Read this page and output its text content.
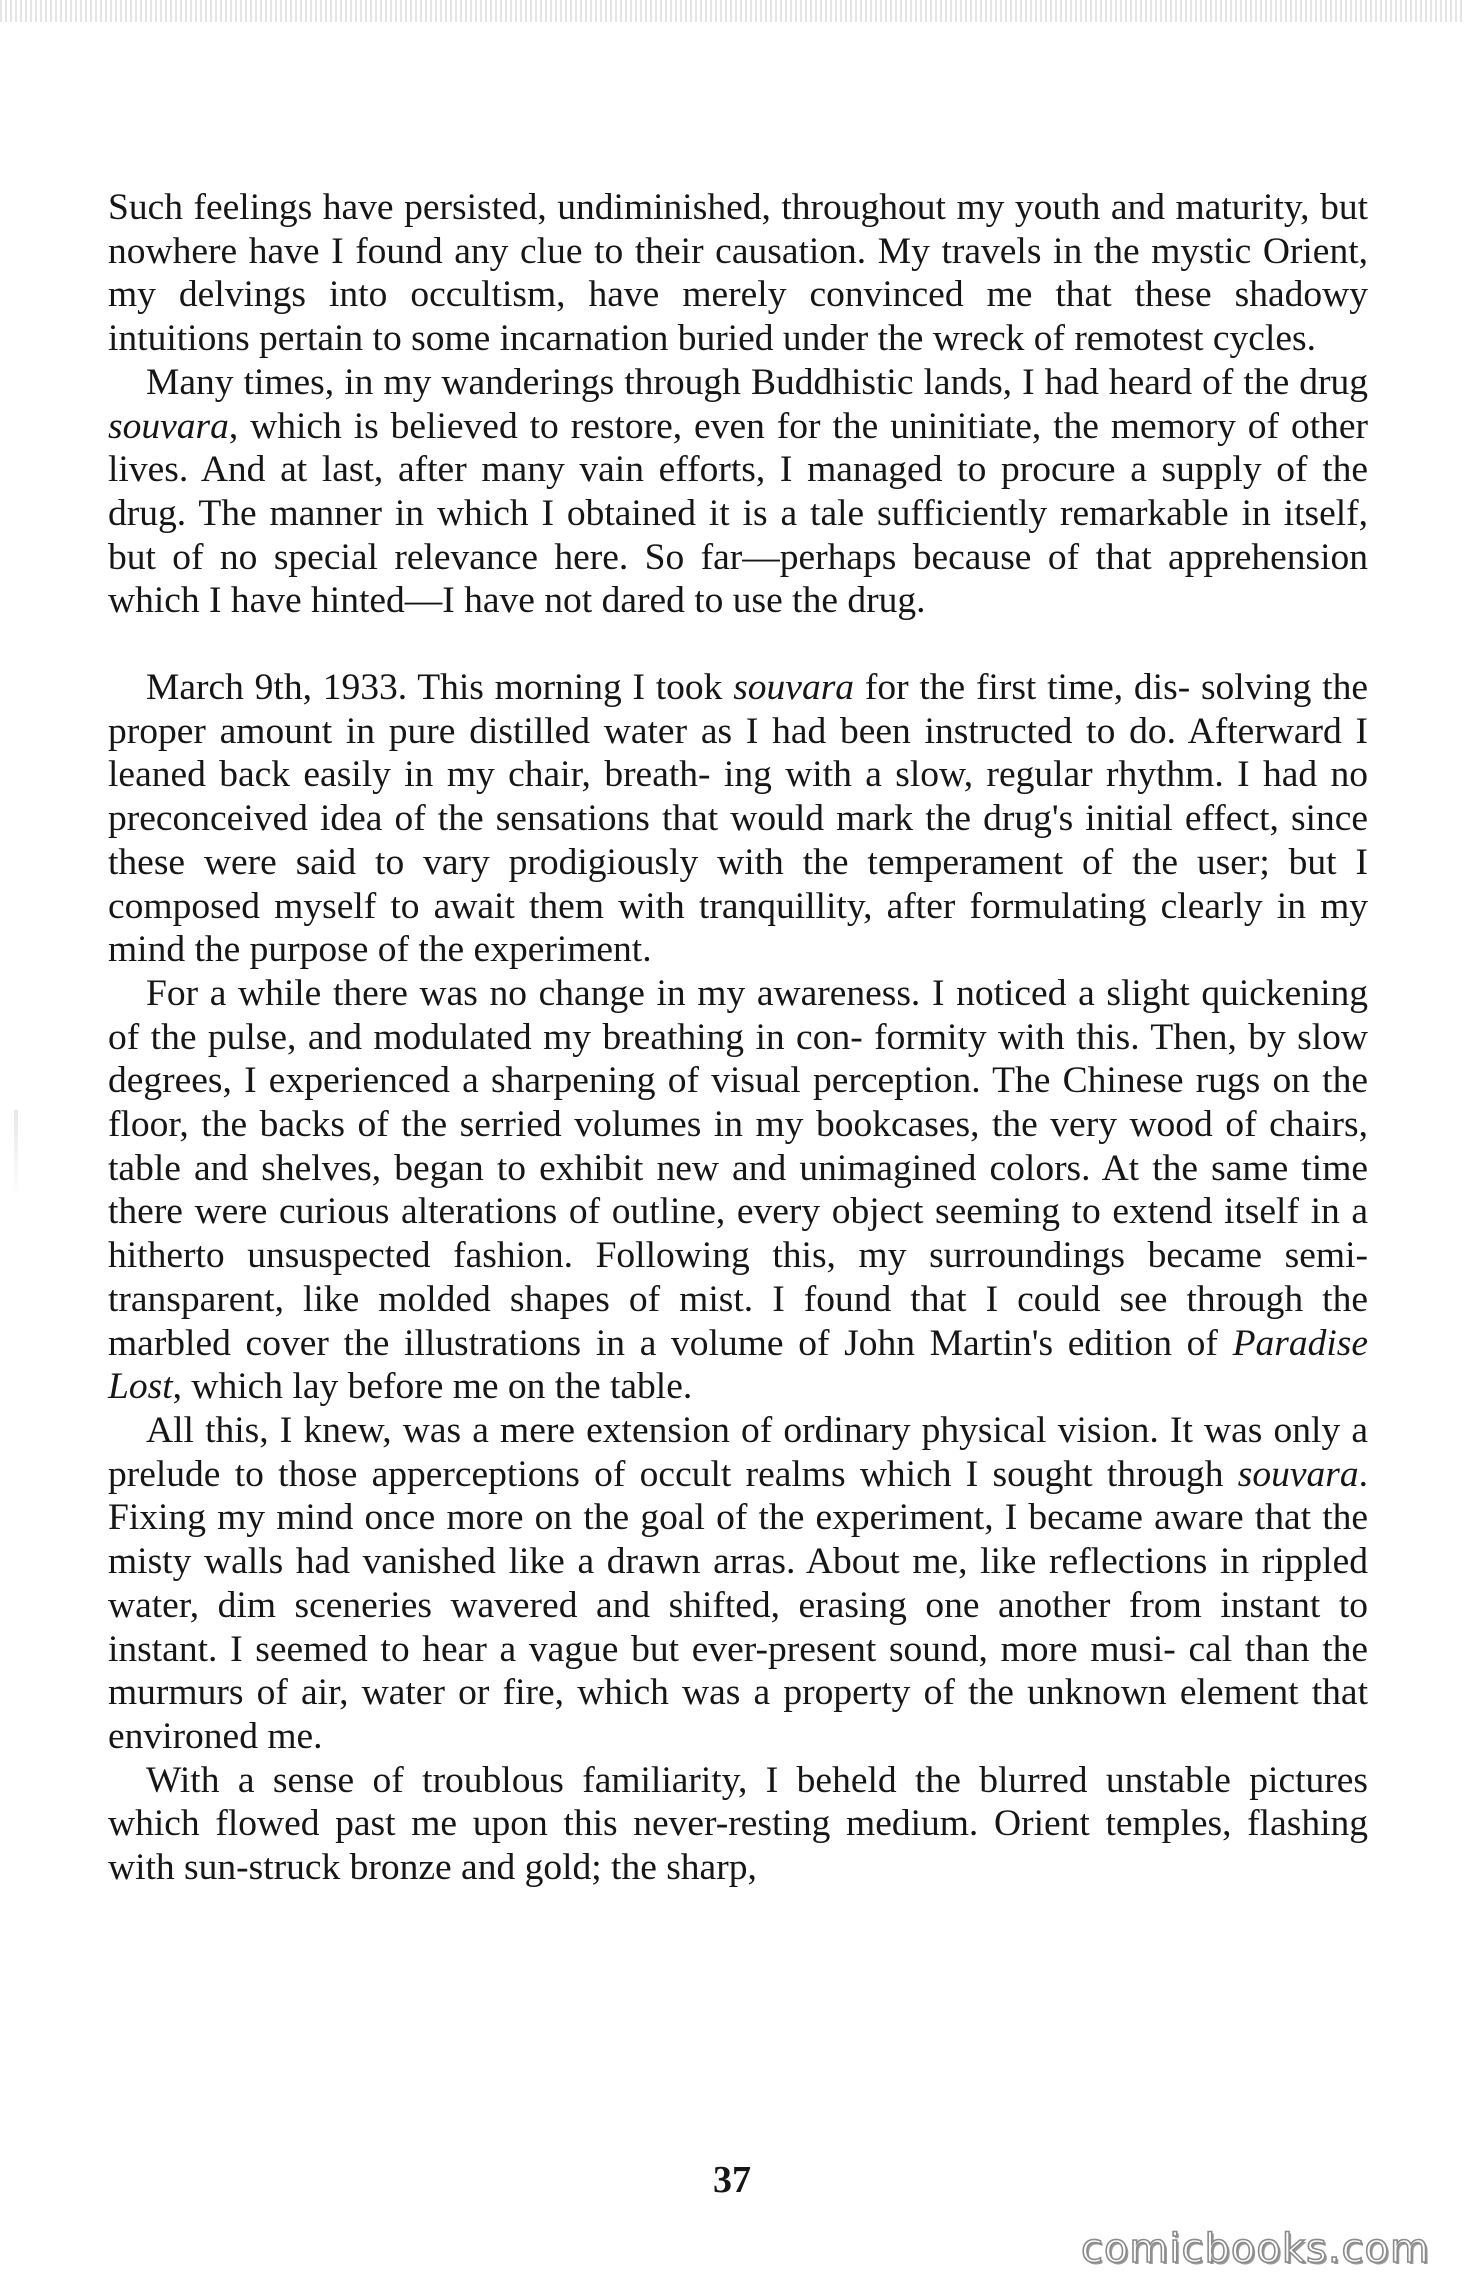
Such feelings have persisted, undiminished, throughout my youth and maturity, but nowhere have I found any clue to their causation. My travels in the mystic Orient, my delvings into occultism, have merely convinced me that these shadowy intuitions pertain to some incarnation buried under the wreck of remotest cycles.

Many times, in my wanderings through Buddhistic lands, I had heard of the drug souvara, which is believed to restore, even for the uninitiate, the memory of other lives. And at last, after many vain efforts, I managed to procure a supply of the drug. The manner in which I obtained it is a tale sufficiently remarkable in itself, but of no special relevance here. So far—perhaps because of that apprehension which I have hinted—I have not dared to use the drug.

March 9th, 1933. This morning I took souvara for the first time, dis- solving the proper amount in pure distilled water as I had been instructed to do. Afterward I leaned back easily in my chair, breath- ing with a slow, regular rhythm. I had no preconceived idea of the sensations that would mark the drug's initial effect, since these were said to vary prodigiously with the temperament of the user; but I composed myself to await them with tranquillity, after formulating clearly in my mind the purpose of the experiment.

For a while there was no change in my awareness. I noticed a slight quickening of the pulse, and modulated my breathing in con- formity with this. Then, by slow degrees, I experienced a sharpening of visual perception. The Chinese rugs on the floor, the backs of the serried volumes in my bookcases, the very wood of chairs, table and shelves, began to exhibit new and unimagined colors. At the same time there were curious alterations of outline, every object seeming to extend itself in a hitherto unsuspected fashion. Following this, my surroundings became semi-transparent, like molded shapes of mist. I found that I could see through the marbled cover the illustrations in a volume of John Martin's edition of Paradise Lost, which lay before me on the table.

All this, I knew, was a mere extension of ordinary physical vision. It was only a prelude to those apperceptions of occult realms which I sought through souvara. Fixing my mind once more on the goal of the experiment, I became aware that the misty walls had vanished like a drawn arras. About me, like reflections in rippled water, dim sceneries wavered and shifted, erasing one another from instant to instant. I seemed to hear a vague but ever-present sound, more musi- cal than the murmurs of air, water or fire, which was a property of the unknown element that environed me.

With a sense of troublous familiarity, I beheld the blurred unstable pictures which flowed past me upon this never-resting medium. Orient temples, flashing with sun-struck bronze and gold; the sharp,

37
comicbooks.com
